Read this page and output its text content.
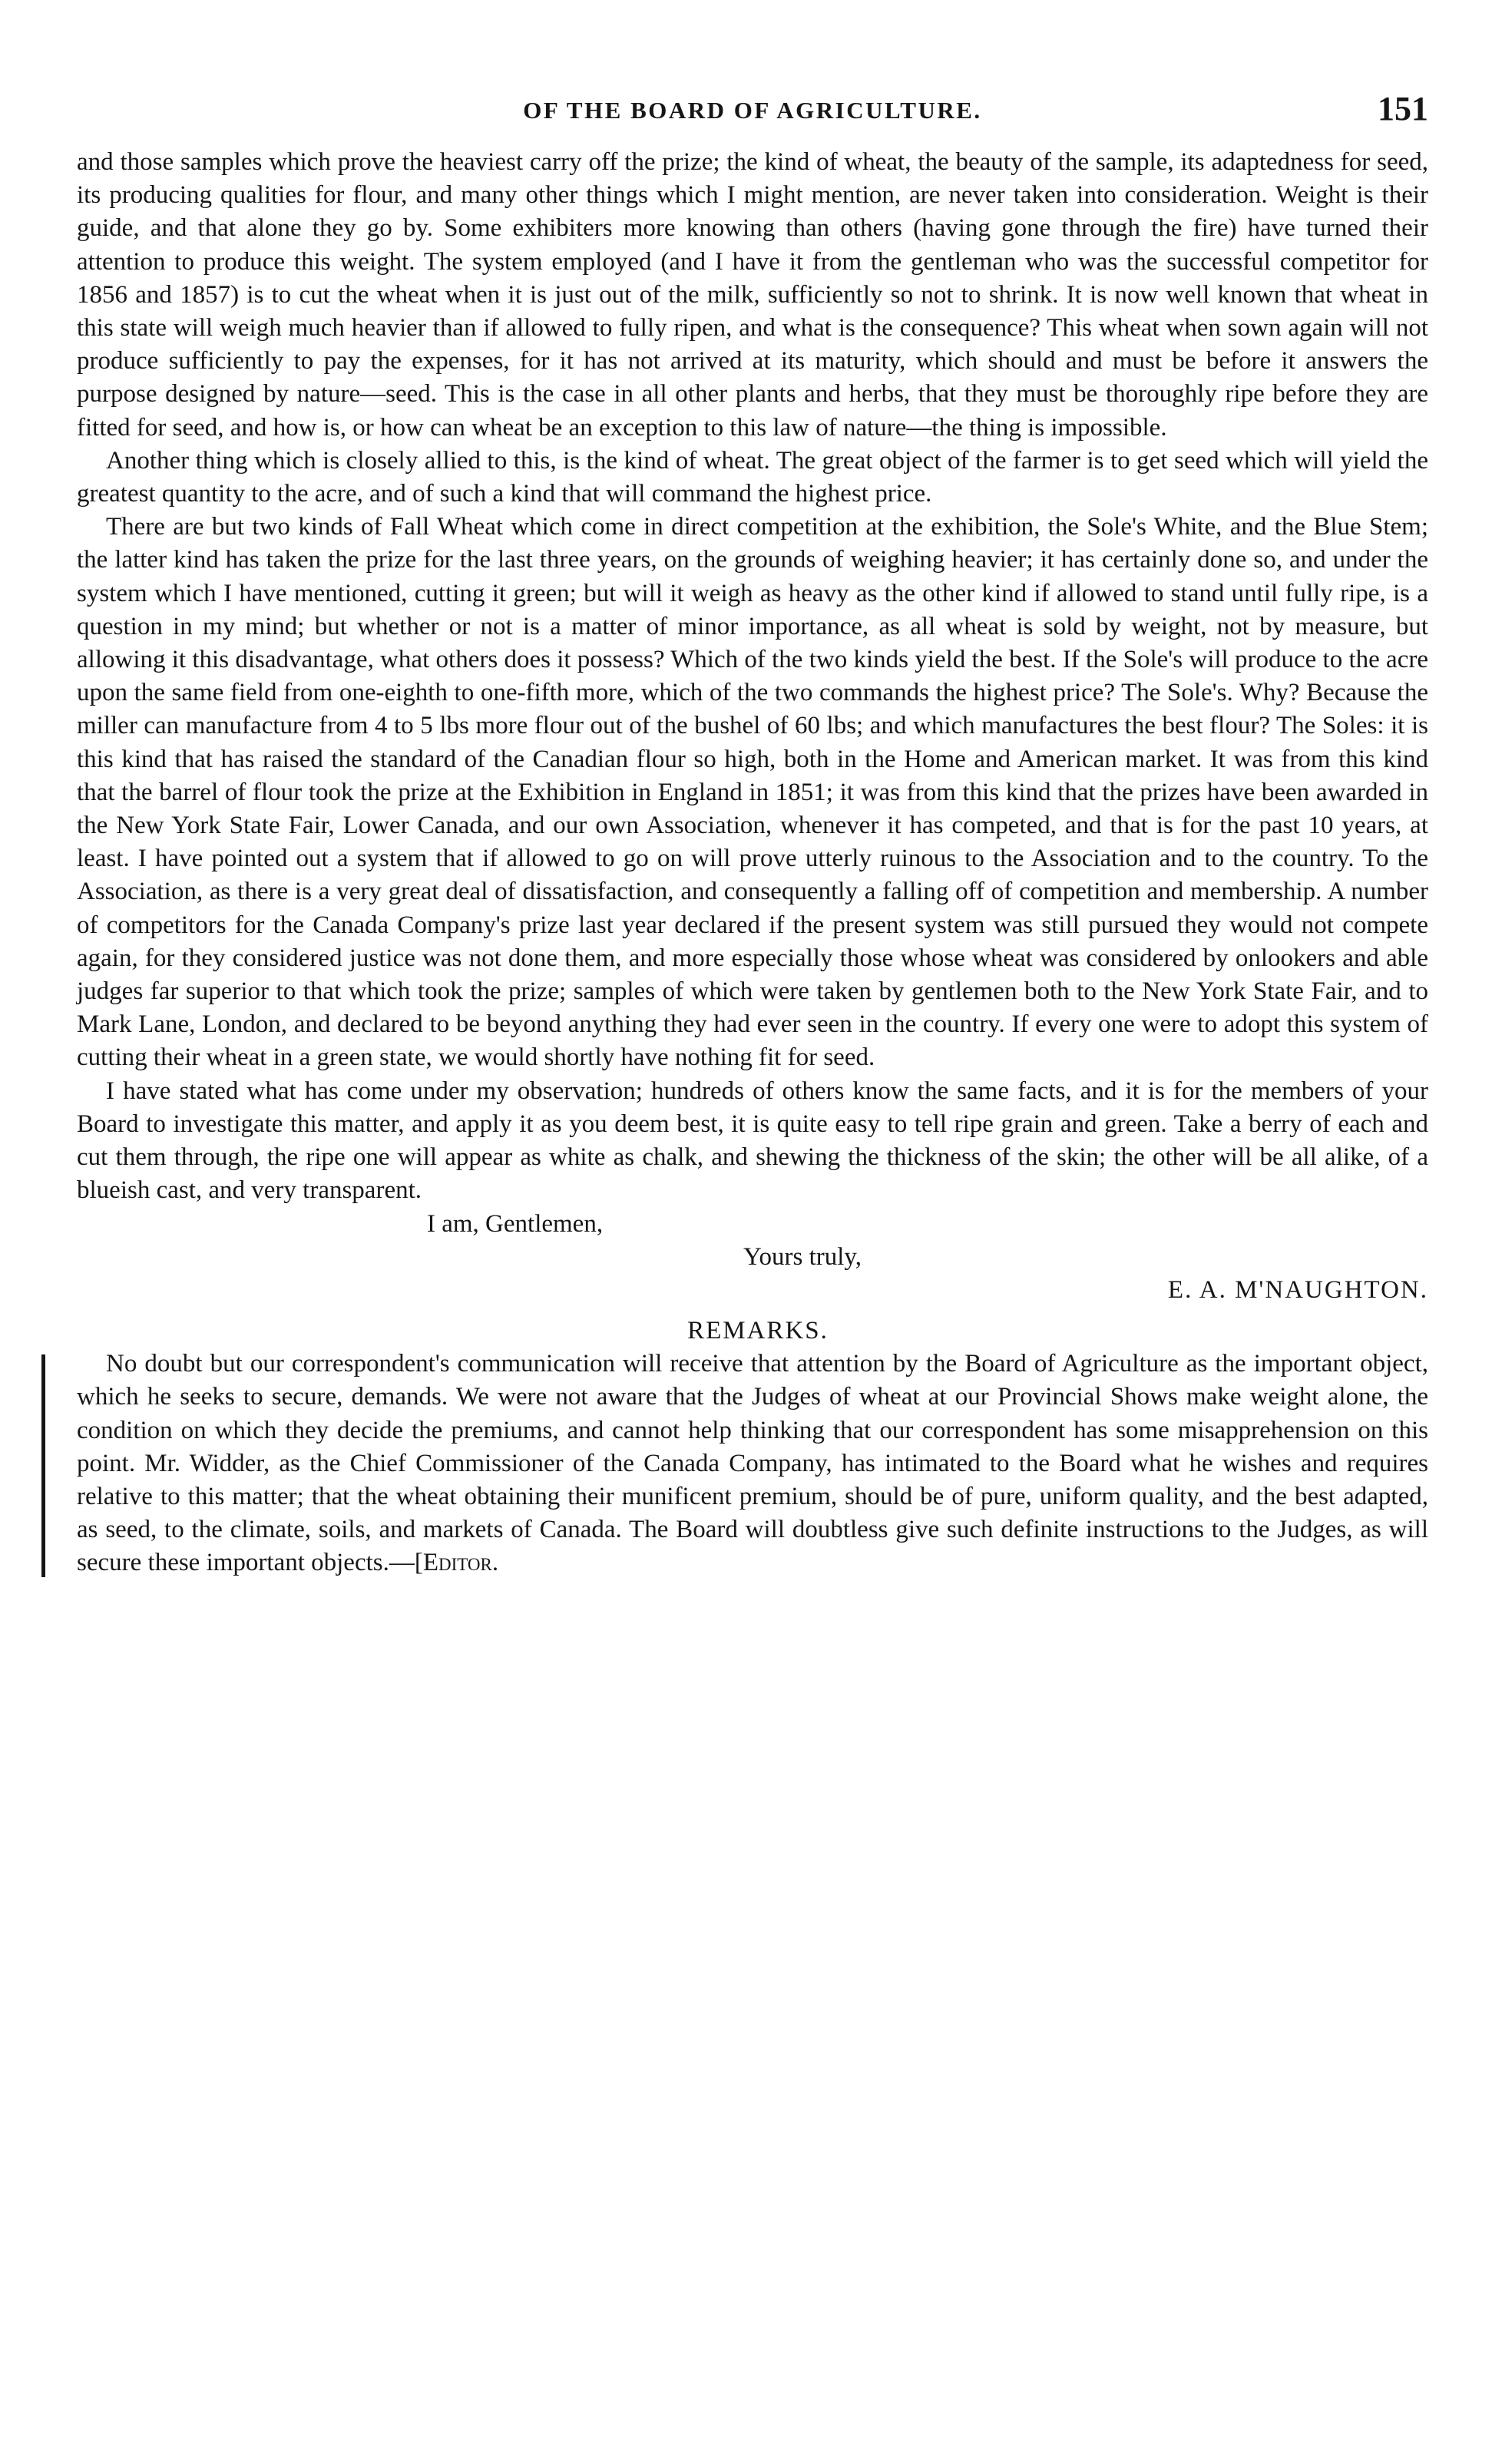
OF THE BOARD OF AGRICULTURE.	151

and those samples which prove the heaviest carry off the prize; the kind of wheat, the beauty of the sample, its adaptedness for seed, its producing qualities for flour, and many other things which I might mention, are never taken into consideration. Weight is their guide, and that alone they go by. Some exhibiters more knowing than others (having gone through the fire) have turned their attention to produce this weight. The system employed (and I have it from the gentleman who was the successful competitor for 1856 and 1857) is to cut the wheat when it is just out of the milk, sufficiently so not to shrink. It is now well known that wheat in this state will weigh much heavier than if allowed to fully ripen, and what is the consequence? This wheat when sown again will not produce sufficiently to pay the expenses, for it has not arrived at its maturity, which should and must be before it answers the purpose designed by nature—seed. This is the case in all other plants and herbs, that they must be thoroughly ripe before they are fitted for seed, and how is, or how can wheat be an exception to this law of nature—the thing is impossible.

Another thing which is closely allied to this, is the kind of wheat. The great object of the farmer is to get seed which will yield the greatest quantity to the acre, and of such a kind that will command the highest price.

There are but two kinds of Fall Wheat which come in direct competition at the exhibition, the Sole's White, and the Blue Stem; the latter kind has taken the prize for the last three years, on the grounds of weighing heavier; it has certainly done so, and under the system which I have mentioned, cutting it green; but will it weigh as heavy as the other kind if allowed to stand until fully ripe, is a question in my mind; but whether or not is a matter of minor importance, as all wheat is sold by weight, not by measure, but allowing it this disadvantage, what others does it possess? Which of the two kinds yield the best. If the Sole's will produce to the acre upon the same field from one-eighth to one-fifth more, which of the two commands the highest price? The Sole's. Why? Because the miller can manufacture from 4 to 5 lbs more flour out of the bushel of 60 lbs; and which manufactures the best flour? The Soles: it is this kind that has raised the standard of the Canadian flour so high, both in the Home and American market. It was from this kind that the barrel of flour took the prize at the Exhibition in England in 1851; it was from this kind that the prizes have been awarded in the New York State Fair, Lower Canada, and our own Association, whenever it has competed, and that is for the past 10 years, at least. I have pointed out a system that if allowed to go on will prove utterly ruinous to the Association and to the country. To the Association, as there is a very great deal of dissatisfaction, and consequently a falling off of competition and membership. A number of competitors for the Canada Company's prize last year declared if the present system was still pursued they would not compete again, for they considered justice was not done them, and more especially those whose wheat was considered by onlookers and able judges far superior to that which took the prize; samples of which were taken by gentlemen both to the New York State Fair, and to Mark Lane, London, and declared to be beyond anything they had ever seen in the country. If every one were to adopt this system of cutting their wheat in a green state, we would shortly have nothing fit for seed.

I have stated what has come under my observation; hundreds of others know the same facts, and it is for the members of your Board to investigate this matter, and apply it as you deem best, it is quite easy to tell ripe grain and green. Take a berry of each and cut them through, the ripe one will appear as white as chalk, and shewing the thickness of the skin; the other will be all alike, of a blueish cast, and very transparent.

I am, Gentlemen,
Yours truly,
E. A. M'NAUGHTON.
REMARKS.

No doubt but our correspondent's communication will receive that attention by the Board of Agriculture as the important object, which he seeks to secure, demands. We were not aware that the Judges of wheat at our Provincial Shows make weight alone, the condition on which they decide the premiums, and cannot help thinking that our correspondent has some misapprehension on this point. Mr. Widder, as the Chief Commissioner of the Canada Company, has intimated to the Board what he wishes and requires relative to this matter; that the wheat obtaining their munificent premium, should be of pure, uniform quality, and the best adapted, as seed, to the climate, soils, and markets of Canada. The Board will doubtless give such definite instructions to the Judges, as will secure these important objects.—[Editor.
